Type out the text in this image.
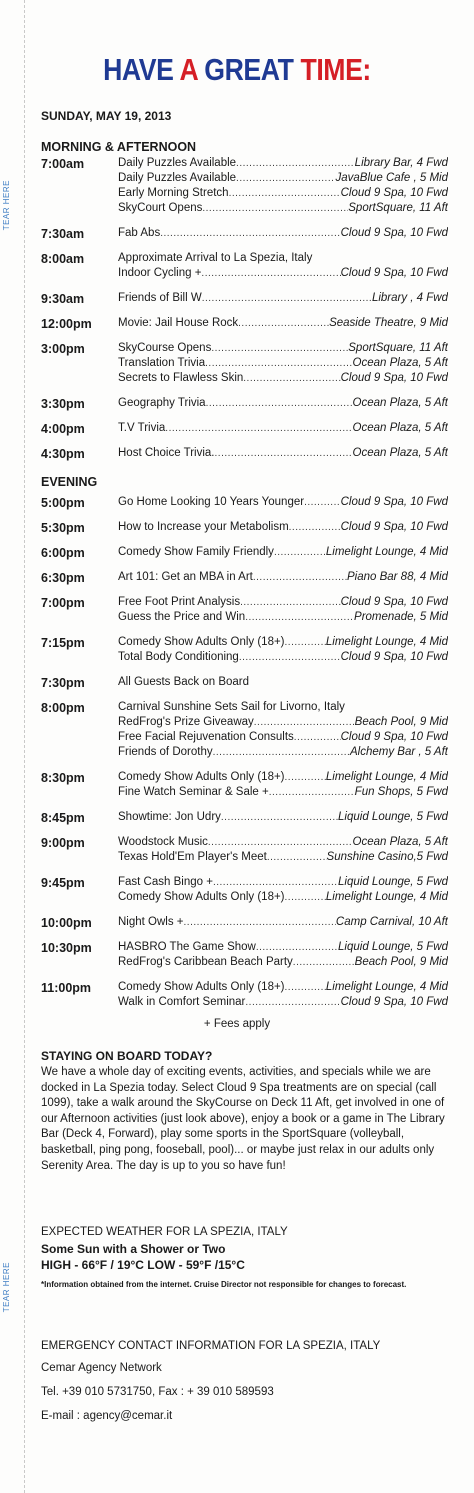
TEAR HERE
TEAR HERE
HAVE A GREAT TIME:
SUNDAY, MAY 19, 2013
MORNING & AFTERNOON
7:00am	Daily Puzzles Available .....	Library Bar, 4 Fwd
Daily Puzzles Available .....	JavaBlue Cafe , 5 Mid
Early Morning Stretch .....	Cloud 9 Spa, 10 Fwd
SkyCourt Opens .....	SportSquare, 11 Aft
7:30am	Fab Abs .....	Cloud 9 Spa, 10 Fwd
8:00am	Approximate Arrival to La Spezia, Italy
Indoor Cycling + .....	Cloud 9 Spa, 10 Fwd
9:30am	Friends of Bill W .....	Library , 4 Fwd
12:00pm Movie: Jail House Rock .....	Seaside Theatre, 9 Mid
3:00pm	SkyCourse Opens .....	SportSquare, 11 Aft
Translation Trivia .....	Ocean Plaza, 5 Aft
Secrets to Flawless Skin .....	Cloud 9 Spa, 10 Fwd
3:30pm	Geography Trivia .....	Ocean Plaza, 5 Aft
4:00pm	T.V Trivia .....	Ocean Plaza, 5 Aft
4:30pm	Host Choice Trivia. .....	Ocean Plaza, 5 Aft
EVENING
5:00pm	Go Home Looking 10 Years Younger .....	Cloud 9 Spa, 10 Fwd
5:30pm	How to Increase your Metabolism .....	Cloud 9 Spa, 10 Fwd
6:00pm	Comedy Show Family Friendly .....	Limelight Lounge, 4 Mid
6:30pm	Art 101: Get an MBA in Art .....	Piano Bar 88, 4 Mid
7:00pm	Free Foot Print Analysis .....	Cloud 9 Spa, 10 Fwd
Guess the Price and Win .....	Promenade, 5 Mid
7:15pm	Comedy Show Adults Only (18+) .....	Limelight Lounge, 4 Mid
Total Body Conditioning .....	Cloud 9 Spa, 10 Fwd
7:30pm	All Guests Back on Board
8:00pm	Carnival Sunshine Sets Sail for Livorno, Italy
RedFrog's Prize Giveaway .....	Beach Pool, 9 Mid
Free Facial Rejuvenation Consults .....	Cloud 9 Spa, 10 Fwd
Friends of Dorothy .....	Alchemy Bar , 5 Aft
8:30pm	Comedy Show Adults Only (18+) .....	Limelight Lounge, 4 Mid
Fine Watch Seminar & Sale + .....	Fun Shops, 5 Fwd
8:45pm	Showtime: Jon Udry .....	Liquid Lounge, 5 Fwd
9:00pm	Woodstock Music .....	Ocean Plaza, 5 Aft
Texas Hold'Em Player's Meet .....	Sunshine Casino,5 Fwd
9:45pm	Fast Cash Bingo + .....	Liquid Lounge, 5 Fwd
Comedy Show Adults Only (18+) .....	Limelight Lounge, 4 Mid
10:00pm Night Owls + .....	Camp Carnival, 10 Aft
10:30pm HASBRO The Game Show .....	Liquid Lounge, 5 Fwd
RedFrog's Caribbean Beach Party .....	Beach Pool, 9 Mid
11:00pm Comedy Show Adults Only (18+) .....	Limelight Lounge, 4 Mid
Walk in Comfort Seminar .....	Cloud 9 Spa, 10 Fwd
+ Fees apply
STAYING ON BOARD TODAY?
We have a whole day of exciting events, activities, and specials while we are docked in La Spezia today. Select Cloud 9 Spa treatments are on special (call 1099), take a walk around the SkyCourse on Deck 11 Aft, get involved in one of our Afternoon activities (just look above), enjoy a book or a game in The Library Bar (Deck 4, Forward), play some sports in the SportSquare (volleyball, basketball, ping pong, fooseball, pool)... or maybe just relax in our adults only Serenity Area. The day is up to you so have fun!
EXPECTED WEATHER FOR LA SPEZIA, ITALY
Some Sun with a Shower or Two
HIGH - 66°F / 19°C LOW - 59°F /15°C
*Information obtained from the internet. Cruise Director not responsible for changes to forecast.
EMERGENCY CONTACT INFORMATION FOR LA SPEZIA, ITALY
Cemar Agency Network
Tel. +39 010 5731750, Fax : + 39 010 589593
E-mail : agency@cemar.it
